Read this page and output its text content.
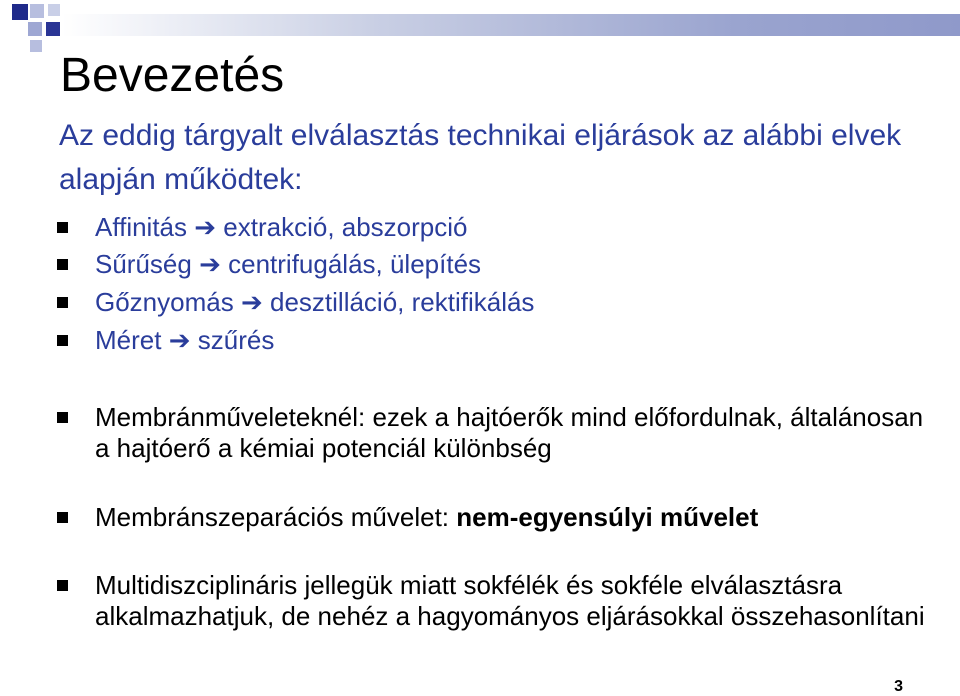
Bevezetés

Az eddig tárgyalt elválasztás technikai eljárások az alábbi elvek alapján működtek:

Affinitás ➔ extrakció, abszorpció
Sűrűség ➔ centrifugálás, ülepítés
Gőznyomás ➔ desztilláció, rektifikálás
Méret ➔ szűrés
Membránműveleteknél: ezek a hajtóerők mind előfordulnak, általánosan a hajtóerő a kémiai potenciál különbség
Membránszeparációs művelet: nem-egyensúlyi művelet
Multidiszciplináris jellegük miatt sokfélék és sokféle elválasztásra alkalmazhatjuk, de nehéz a hagyományos eljárásokkal összehasonlítani
3
